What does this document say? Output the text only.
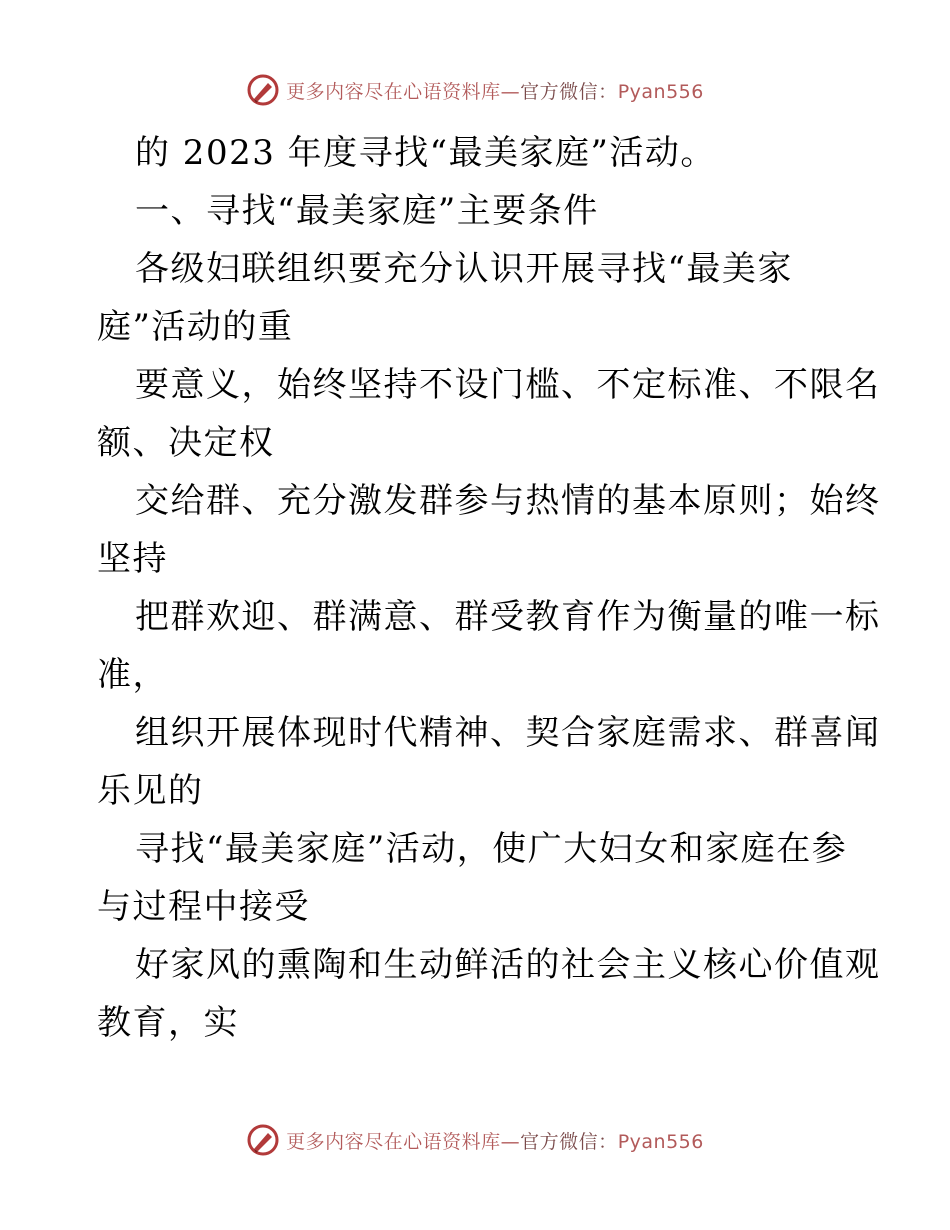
更多内容尽在心语资料库—官方微信：Pyan556
的 2023 年度寻找“最美家庭”活动。
一、寻找“最美家庭”主要条件
各级妇联组织要充分认识开展寻找“最美家
庭”活动的重
要意义，始终坚持不设门槛、不定标准、不限名
额、决定权
交给群、充分激发群参与热情的基本原则；始终
坚持
把群欢迎、群满意、群受教育作为衡量的唯一标
准，
组织开展体现时代精神、契合家庭需求、群喜闻
乐见的
寻找“最美家庭”活动，使广大妇女和家庭在参
与过程中接受
好家风的熏陶和生动鲜活的社会主义核心价值观
教育，实
更多内容尽在心语资料库—官方微信：Pyan556
